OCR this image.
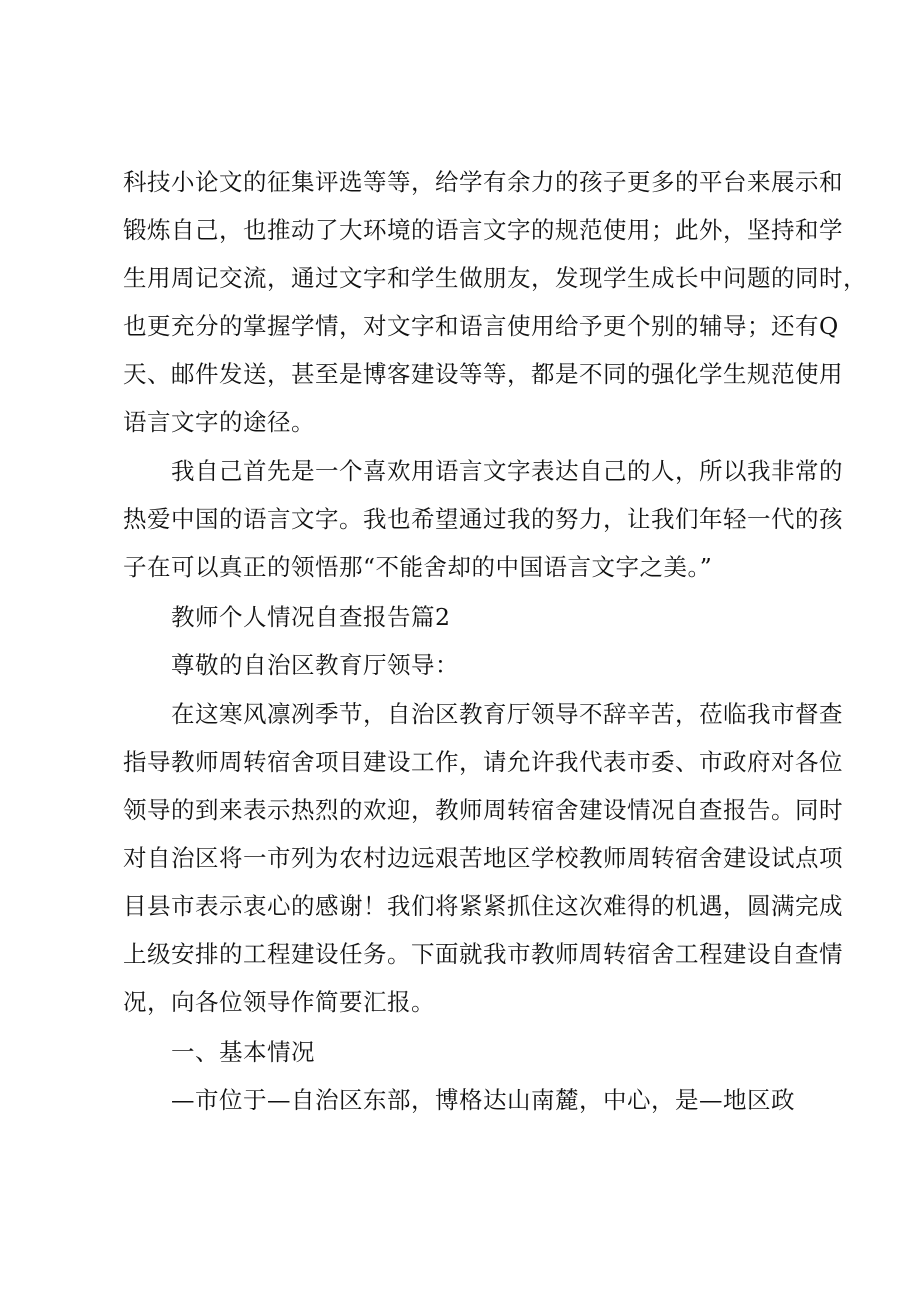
科技小论文的征集评选等等，给学有余力的孩子更多的平台来展示和
锻炼自己，也推动了大环境的语言文字的规范使用；此外，坚持和学
生用周记交流，通过文字和学生做朋友，发现学生成长中问题的同时，
也更充分的掌握学情，对文字和语言使用给予更个别的辅导；还有Q
天、邮件发送，甚至是博客建设等等，都是不同的强化学生规范使用
语言文字的途径。
我自己首先是一个喜欢用语言文字表达自己的人，所以我非常的
热爱中国的语言文字。我也希望通过我的努力，让我们年轻一代的孩
子在可以真正的领悟那“不能舍却的中国语言文字之美。”
教师个人情况自查报告篇2
尊敬的自治区教育厅领导：
在这寒风凛冽季节，自治区教育厅领导不辞辛苦，莅临我市督查
指导教师周转宿舍项目建设工作，请允许我代表市委、市政府对各位
领导的到来表示热烈的欢迎，教师周转宿舍建设情况自查报告。同时
对自治区将一市列为农村边远艰苦地区学校教师周转宿舍建设试点项
目县市表示衷心的感谢！我们将紧紧抓住这次难得的机遇，圆满完成
上级安排的工程建设任务。下面就我市教师周转宿舍工程建设自查情
况，向各位领导作简要汇报。
一、基本情况
—市位于—自治区东部，博格达山南麓，中心，是—地区政
